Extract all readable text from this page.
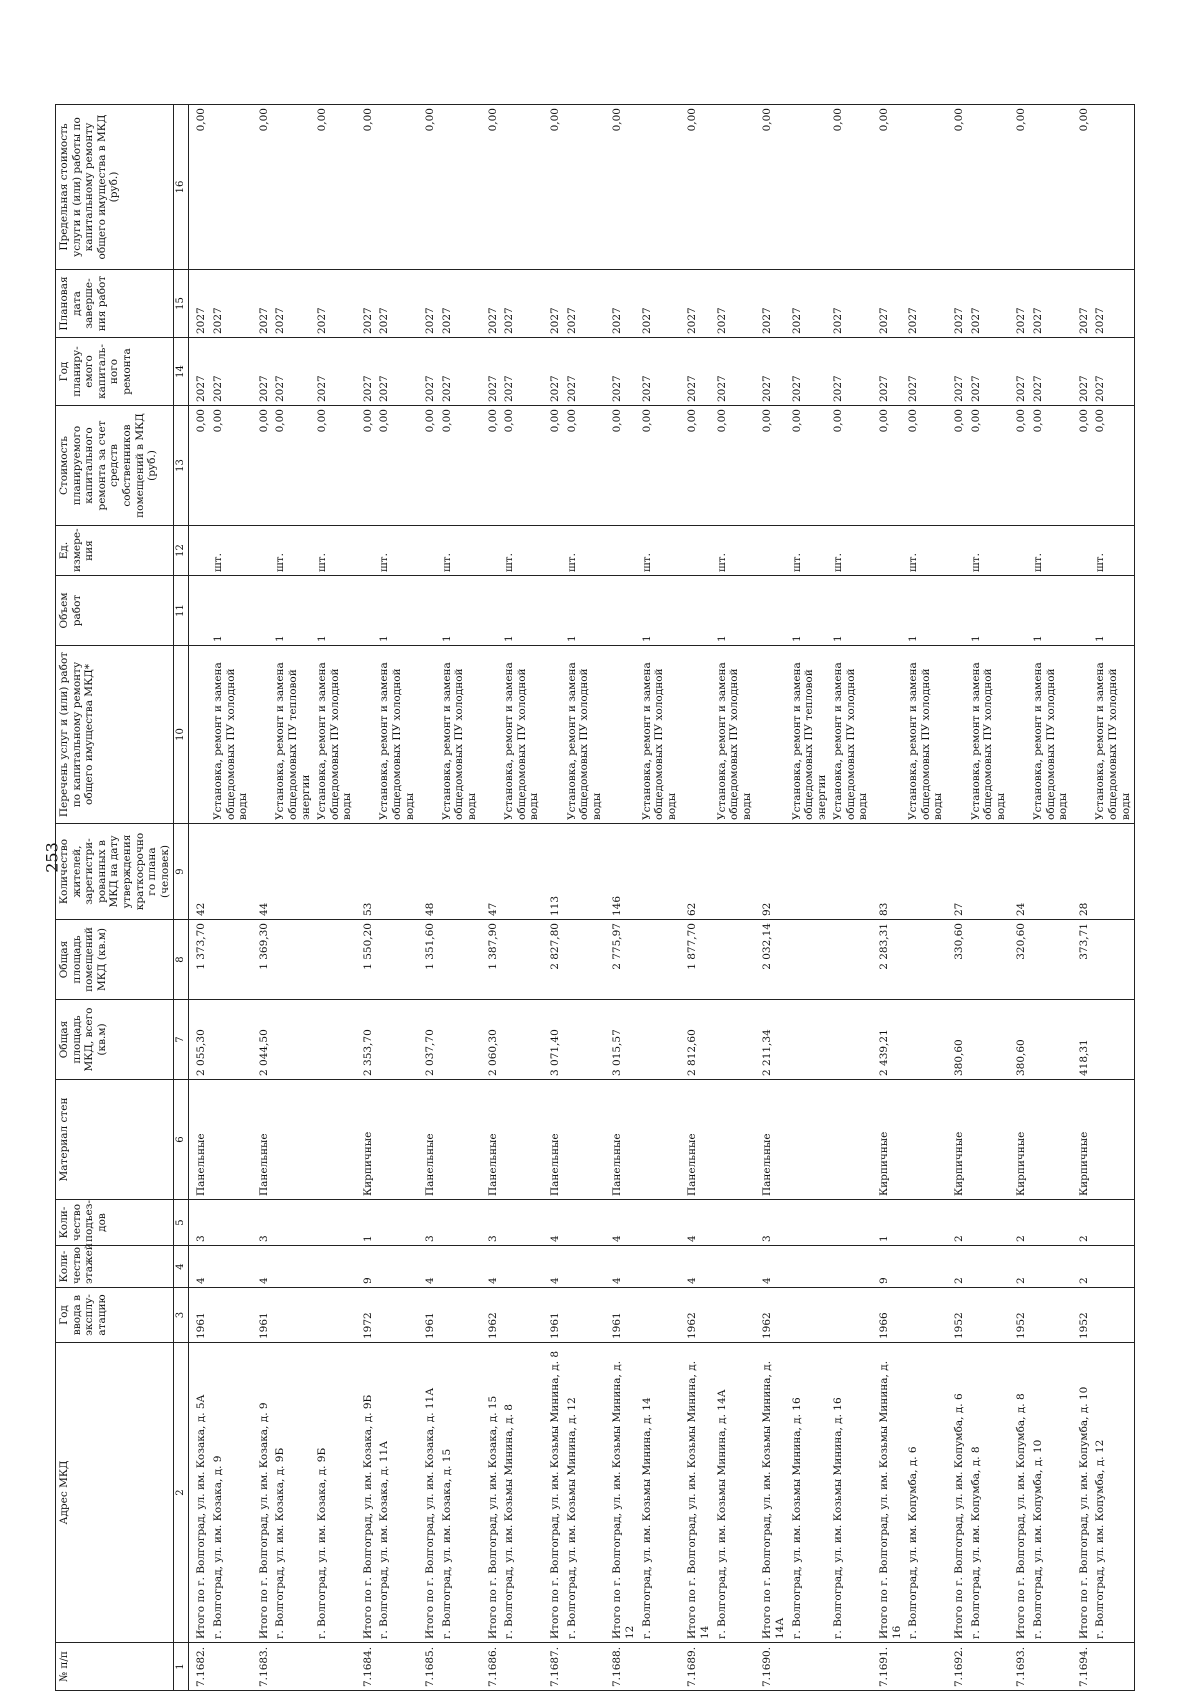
253
№ п/п	Адрес МКД	Год ввода в эксплу-атацию	Коли-чество этажей	Коли-чество подъез-дов	Материал стен	Общая площадь МКД, всего (кв.м)	Общая площадь помещений МКД (кв.м)	Количество жителей, зарегистри-рованных в МКД на дату утверждения краткосрочно го плана (человек)	Перечень услуг и (или) работ по капитальному ремонту общего имущества МКД*	Объем работ	Ед. измере-ния	Стоимость планируемого капитального ремонта за счет средств собственников помещений в МКД (руб.)	Год планиру-емого капиталь-ного ремонта	Плановая дата заверше-ния работ	Предельная стоимость услуги и (или) работы по капитальному ремонту общего имущества в МКД (руб.)
1	2	3	4	5	6	7	8	9	10	11	12	13	14	15	16
7.1682.	Итого по г. Волгоград, ул. им. Козака, д. 5А	1961	4	3	Панельные	2 055,30	1 373,70	42				0,00	2027	2027	0,00
	г. Волгоград, ул. им. Козака, д. 9								Установка, ремонт и замена общедомовых ПУ холодной воды	1	шт.	0,00	2027	2027	
7.1683.	Итого по г. Волгоград, ул. им. Козака, д. 9	1961	4	3	Панельные	2 044,50	1 369,30	44				0,00	2027	2027	0,00
	г. Волгоград, ул. им. Козака, д. 9Б								Установка, ремонт и замена общедомовых ПУ тепловой энергии	1	шт.	0,00	2027	2027	
	г. Волгоград, ул. им. Козака, д. 9Б								Установка, ремонт и замена общедомовых ПУ холодной воды	1	шт.	0,00	2027	2027	0,00
7.1684.	Итого по г. Волгоград, ул. им. Козака, д. 9Б	1972	9	1	Кирпичные	2 353,70	1 550,20	53				0,00	2027	2027	0,00
	г. Волгоград, ул. им. Козака, д. 11А								Установка, ремонт и замена общедомовых ПУ холодной воды	1	шт.	0,00	2027	2027	
7.1685.	Итого по г. Волгоград, ул. им. Козака, д. 11А	1961	4	3	Панельные	2 037,70	1 351,60	48				0,00	2027	2027	0,00
	г. Волгоград, ул. им. Козака, д. 15								Установка, ремонт и замена общедомовых ПУ холодной воды	1	шт.	0,00	2027	2027	
7.1686.	Итого по г. Волгоград, ул. им. Козака, д. 15	1962	4	3	Панельные	2 060,30	1 387,90	47				0,00	2027	2027	0,00
	г. Волгоград, ул. им. Козьмы Минина, д. 8								Установка, ремонт и замена общедомовых ПУ холодной воды	1	шт.	0,00	2027	2027	
7.1687.	Итого по г. Волгоград, ул. им. Козьмы Минина, д. 8	1961	4	4	Панельные	3 071,40	2 827,80	113				0,00	2027	2027	0,00
	г. Волгоград, ул. им. Козьмы Минина, д. 12								Установка, ремонт и замена общедомовых ПУ холодной воды	1	шт.	0,00	2027	2027	
7.1688.	Итого по г. Волгоград, ул. им. Козьмы Минина, д. 12	1961	4	4	Панельные	3 015,57	2 775,97	146				0,00	2027	2027	0,00
	г. Волгоград, ул. им. Козьмы Минина, д. 14								Установка, ремонт и замена общедомовых ПУ холодной воды	1	шт.	0,00	2027	2027	
7.1689.	Итого по г. Волгоград, ул. им. Козьмы Минина, д. 14	1962	4	4	Панельные	2 812,60	1 877,70	62				0,00	2027	2027	0,00
	г. Волгоград, ул. им. Козьмы Минина, д. 14А								Установка, ремонт и замена общедомовых ПУ холодной воды	1	шт.	0,00	2027	2027	
7.1690.	Итого по г. Волгоград, ул. им. Козьмы Минина, д. 14А	1962	4	3	Панельные	2 211,34	2 032,14	92				0,00	2027	2027	0,00
	г. Волгоград, ул. им. Козьмы Минина, д. 16								Установка, ремонт и замена общедомовых ПУ тепловой энергии	1	шт.	0,00	2027	2027	
	г. Волгоград, ул. им. Козьмы Минина, д. 16								Установка, ремонт и замена общедомовых ПУ холодной воды	1	шт.	0,00	2027	2027	0,00
7.1691.	Итого по г. Волгоград, ул. им. Козьмы Минина, д. 16	1966	9	1	Кирпичные	2 439,21	2 283,31	83				0,00	2027	2027	0,00
	г. Волгоград, ул. им. Копумба, д. 6								Установка, ремонт и замена общедомовых ПУ холодной воды	1	шт.	0,00	2027	2027	
7.1692.	Итого по г. Волгоград, ул. им. Копумба, д. 6	1952	2	2	Кирпичные	380,60	330,60	27				0,00	2027	2027	0,00
	г. Волгоград, ул. им. Копумба, д. 8								Установка, ремонт и замена общедомовых ПУ холодной воды	1	шт.	0,00	2027	2027	
7.1693.	Итого по г. Волгоград, ул. им. Копумба, д. 8	1952	2	2	Кирпичные	380,60	320,60	24				0,00	2027	2027	0,00
	г. Волгоград, ул. им. Копумба, д. 10								Установка, ремонт и замена общедомовых ПУ холодной воды	1	шт.	0,00	2027	2027	
7.1694.	Итого по г. Волгоград, ул. им. Копумба, д. 10	1952	2	2	Кирпичные	418,31	373,71	28				0,00	2027	2027	0,00
	г. Волгоград, ул. им. Копумба, д. 12								Установка, ремонт и замена общедомовых ПУ холодной воды	1	шт.	0,00	2027	2027	
